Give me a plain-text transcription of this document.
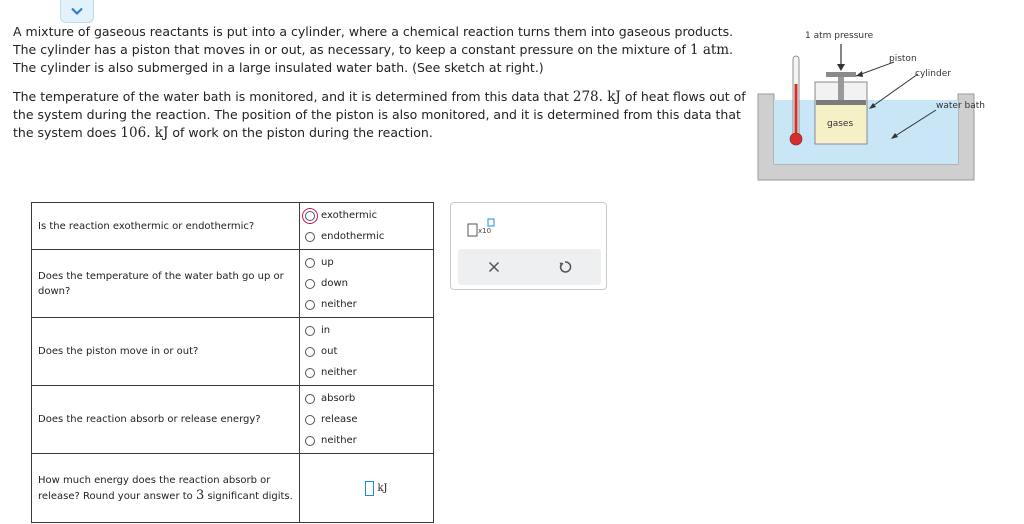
A mixture of gaseous reactants is put into a cylinder, where a chemical reaction turns them into gaseous products. The cylinder has a piston that moves in or out, as necessary, to keep a constant pressure on the mixture of 1 atm. The cylinder is also submerged in a large insulated water bath. (See sketch at right.)

The temperature of the water bath is monitored, and it is determined from this data that 278. kJ of heat flows out of the system during the reaction. The position of the piston is also monitored, and it is determined from this data that the system does 106. kJ of work on the piston during the reaction.

1 atm pressure
piston
cylinder
water bath
gases
Is the reaction exothermic or endothermic?	exothermic
endothermic

Does the temperature of the water bath go up or down?	up
down
neither

Does the piston move in or out?	in
out
neither

Does the reaction absorb or release energy?	absorb
release
neither

How much energy does the reaction absorb or release? Round your answer to 3 significant digits.	kJ
x10
